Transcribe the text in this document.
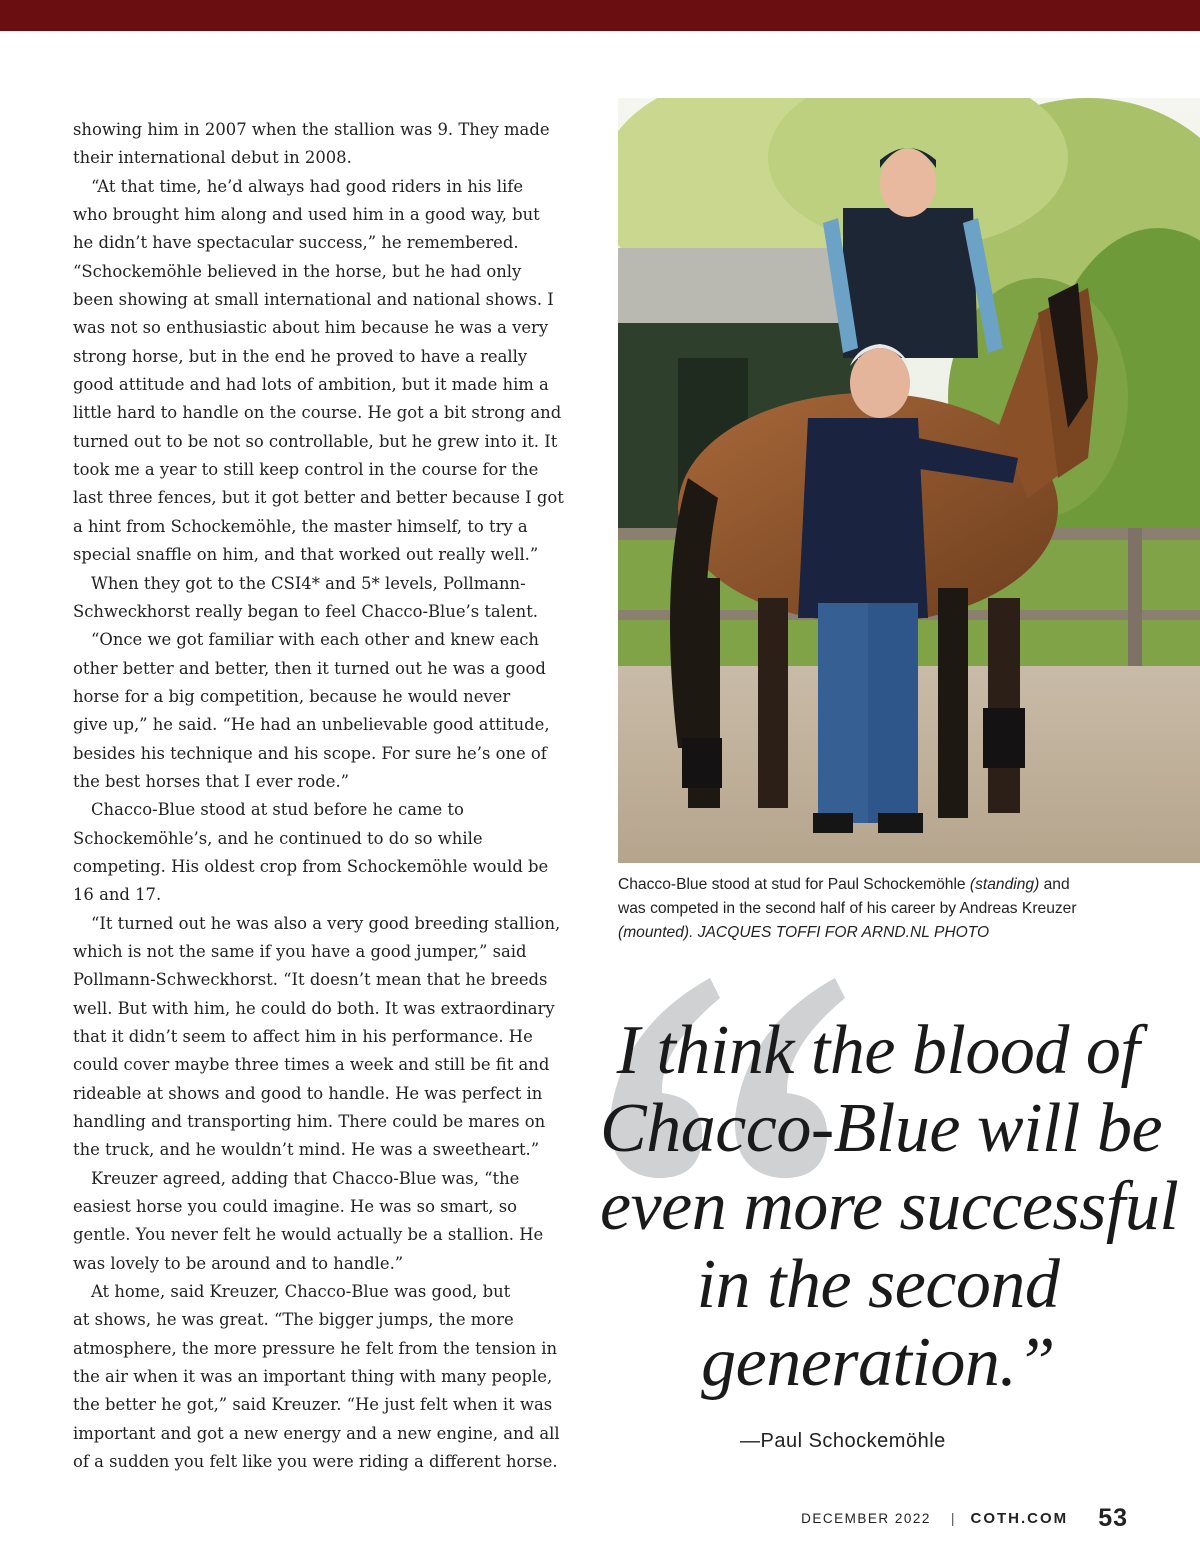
showing him in 2007 when the stallion was 9. They made

their international debut in 2008.

“At that time, he’d always had good riders in his life

who brought him along and used him in a good way, but

he didn’t have spectacular success,” he remembered.

“Schockemöhle believed in the horse, but he had only

been showing at small international and national shows. I

was not so enthusiastic about him because he was a very

strong horse, but in the end he proved to have a really

good attitude and had lots of ambition, but it made him a

little hard to handle on the course. He got a bit strong and

turned out to be not so controllable, but he grew into it. It

took me a year to still keep control in the course for the

last three fences, but it got better and better because I got

a hint from Schockemöhle, the master himself, to try a

special snaffle on him, and that worked out really well.”

When they got to the CSI4* and 5* levels, Pollmann-

Schweckhorst really began to feel Chacco-Blue’s talent.

“Once we got familiar with each other and knew each

other better and better, then it turned out he was a good

horse for a big competition, because he would never

give up,” he said. “He had an unbelievable good attitude,

besides his technique and his scope. For sure he’s one of

the best horses that I ever rode.”

Chacco-Blue stood at stud before he came to

Schockemöhle’s, and he continued to do so while

competing. His oldest crop from Schockemöhle would be

16 and 17.

“It turned out he was also a very good breeding stallion,

which is not the same if you have a good jumper,” said

Pollmann-Schweckhorst. “It doesn’t mean that he breeds

well. But with him, he could do both. It was extraordinary

that it didn’t seem to affect him in his performance. He

could cover maybe three times a week and still be fit and

rideable at shows and good to handle. He was perfect in

handling and transporting him. There could be mares on

the truck, and he wouldn’t mind. He was a sweetheart.”

Kreuzer agreed, adding that Chacco-Blue was, “the

easiest horse you could imagine. He was so smart, so

gentle. You never felt he would actually be a stallion. He

was lovely to be around and to handle.”

At home, said Kreuzer, Chacco-Blue was good, but

at shows, he was great. “The bigger jumps, the more

atmosphere, the more pressure he felt from the tension in

the air when it was an important thing with many people,

the better he got,” said Kreuzer. “He just felt when it was

important and got a new energy and a new engine, and all

of a sudden you felt like you were riding a different horse.

Chacco-Blue stood at stud for Paul Schockemöhle (standing) and
was competed in the second half of his career by Andreas Kreuzer
(mounted). JACQUES TOFFI FOR ARND.NL PHOTO
I think the blood of
Chacco-Blue will be
even more successful
in the second
generation.”
—Paul Schockemöhle
DECEMBER 2022 | COTH.COM 53
